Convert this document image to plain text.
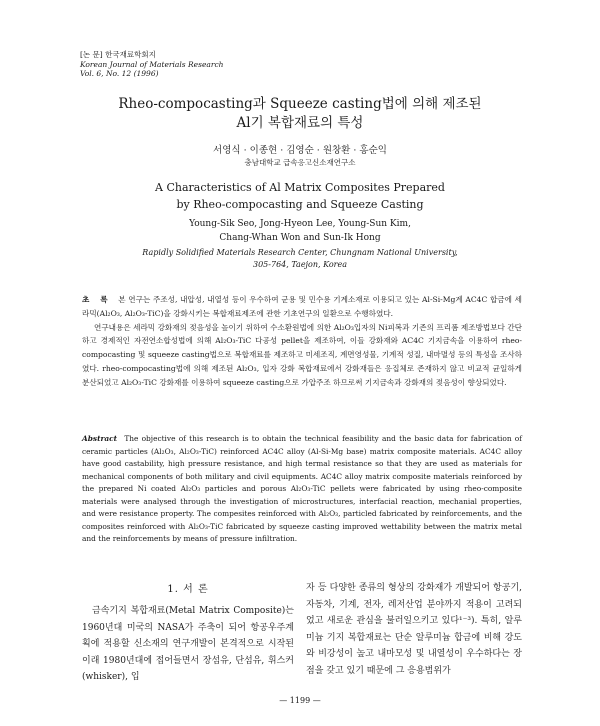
[논 문] 한국재료학회지
Korean Journal of Materials Research
Vol. 6, No. 12 (1996)
Rheo-compocasting과 Squeeze casting법에 의해 제조된
Al기 복합재료의 특성
서영식 · 이종현 · 김영순 · 원창환 · 홍순익
충남대학교 급속응고신소재연구소
A Characteristics of Al Matrix Composites Prepared
by Rheo-compocasting and Squeeze Casting
Young-Sik Seo, Jong-Hyeon Lee, Young-Sun Kim,
Chang-Whan Won and Sun-Ik Hong
Rapidly Solidified Materials Research Center, Chungnam National University,
305-764, Taejon, Korea

초 록 본 연구는 주조성, 내압성, 내열성 등이 우수하여 군용 및 민수용 기계소재로 이용되고 있는 Al-Si-Mg계 AC4C 합금에 세라믹(Al₂O₃, Al₂O₃-TiC)을 강화시키는 복합재료제조에 관한 기초연구의 일환으로 수행하였다.

연구내용은 세라믹 강화재의 젖음성을 높이기 위하여 수소환원법에 의한 Al₂O₃입자의 Ni피복과 기존의 프리폼 제조방법보다 간단하고 경제적인 자전연소합성법에 의해 Al₂O₃-TiC 다공성 pellet을 제조하여, 이들 강화재와 AC4C 기지금속을 이용하여 rheo-compocasting 및 squeeze casting법으로 복합재료를 제조하고 미세조직, 계면영성물, 기계적 성질, 내마멸성 등의 특성을 조사하였다. rheo-compocasting법에 의해 제조된 Al₂O₃, 입자 강화 복합재료에서 강화재들은 응집체로 존재하지 않고 비교적 균일하게 분산되었고 Al₂O₃-TiC 강화재를 이용하여 squeeze casting으로 가압주조 하므로써 기지금속과 강화재의 젖음성이 향상되었다.

Abstract The objective of this research is to obtain the technical feasibility and the basic data for fabrication of ceramic particles (Al₂O₃, Al₂O₃-TiC) reinforced AC4C alloy (Al-Si-Mg base) matrix composite materials. AC4C alloy have good castability, high pressure resistance, and high termal resistance so that they are used as materials for mechanical components of both military and civil equipments. AC4C alloy matrix composite materials reinforced by the prepared Ni coated Al₂O₃ particles and porous Al₂O₃-TiC pellets were fabricated by using rheo-composite materials were analysed through the investigation of microstructures, interfacial reaction, mechanial properties, and were resistance property. The compesites reinforced with Al₂O₃, particled fabricated by reinforcements, and the composites reinforced with Al₂O₃-TiC fabricated by squeeze casting improved wettability between the matrix metal and the reinforcements by means of pressure infiltration.
1. 서 론

금속기지 복합재료(Metal Matrix Composite)는 1960년대 미국의 NASA가 주축이 되어 항공우주계획에 적용할 신소재의 연구개발이 본격적으로 시작된 이래 1980년대에 접어들면서 장섬유, 단섬유, 휘스커(whisker), 입

자 등 다양한 종류의 형상의 강화재가 개발되어 항공기, 자동차, 기계, 전자, 레저산업 분야까지 적용이 고려되었고 새로운 관심을 불러일으키고 있다¹⁻³). 특히, 알루미늄 기지 복합재료는 단순 알루미늄 합금에 비해 강도와 비강성이 높고 내마모성 및 내열성이 우수하다는 장점을 갖고 있기 때문에 그 응용범위가

— 1199 —
